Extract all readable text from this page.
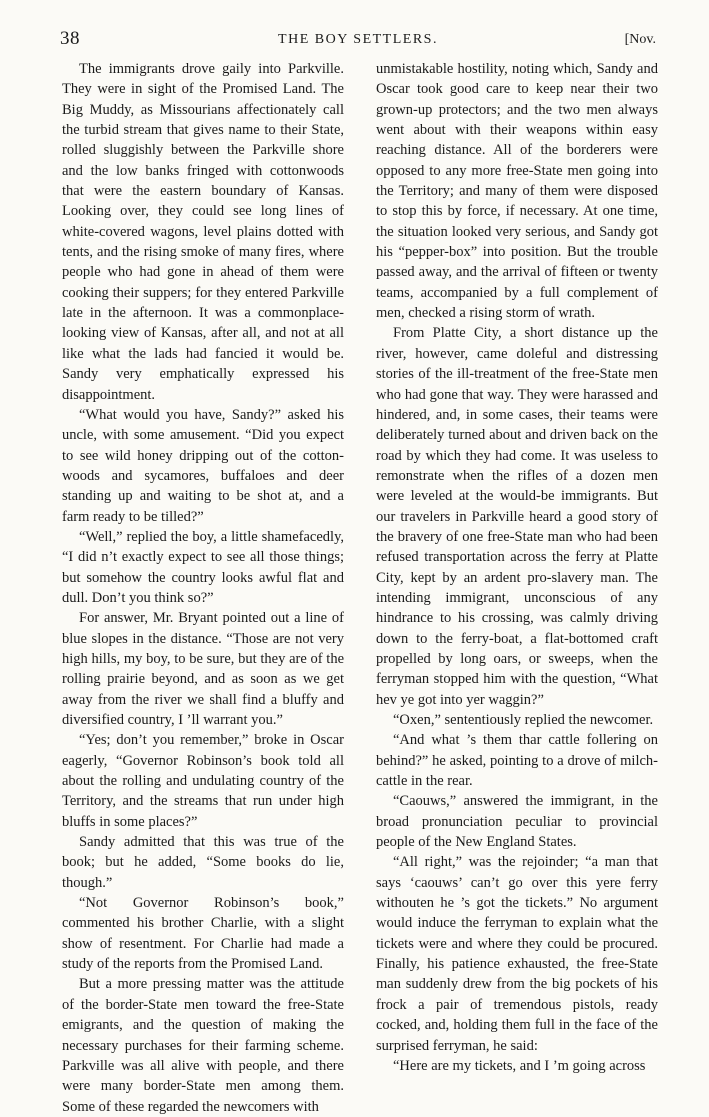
38	THE BOY SETTLERS.	[Nov.

The immigrants drove gaily into Parkville. They were in sight of the Promised Land. The Big Muddy, as Missourians affectionately call the turbid stream that gives name to their State, rolled sluggishly between the Parkville shore and the low banks fringed with cottonwoods that were the eastern boundary of Kansas. Looking over, they could see long lines of white-covered wagons, level plains dotted with tents, and the rising smoke of many fires, where people who had gone in ahead of them were cooking their suppers; for they entered Parkville late in the afternoon. It was a commonplace-looking view of Kansas, after all, and not at all like what the lads had fancied it would be. Sandy very emphatically expressed his disappointment.

“What would you have, Sandy?” asked his uncle, with some amusement. “Did you expect to see wild honey dripping out of the cotton-woods and sycamores, buffaloes and deer standing up and waiting to be shot at, and a farm ready to be tilled?”

“Well,” replied the boy, a little shamefacedly, “I did n’t exactly expect to see all those things; but somehow the country looks awful flat and dull. Don’t you think so?”

For answer, Mr. Bryant pointed out a line of blue slopes in the distance. “Those are not very high hills, my boy, to be sure, but they are of the rolling prairie beyond, and as soon as we get away from the river we shall find a bluffy and diversified country, I ’ll warrant you.”

“Yes; don’t you remember,” broke in Oscar eagerly, “Governor Robinson’s book told all about the rolling and undulating country of the Territory, and the streams that run under high bluffs in some places?”

Sandy admitted that this was true of the book; but he added, “Some books do lie, though.”

“Not Governor Robinson’s book,” commented his brother Charlie, with a slight show of resentment. For Charlie had made a study of the reports from the Promised Land.

But a more pressing matter was the attitude of the border-State men toward the free-State emigrants, and the question of making the necessary purchases for their farming scheme. Parkville was all alive with people, and there were many border-State men among them. Some of these regarded the newcomers with

unmistakable hostility, noting which, Sandy and Oscar took good care to keep near their two grown-up protectors; and the two men always went about with their weapons within easy reaching distance. All of the borderers were opposed to any more free-State men going into the Territory; and many of them were disposed to stop this by force, if necessary. At one time, the situation looked very serious, and Sandy got his “pepper-box” into position. But the trouble passed away, and the arrival of fifteen or twenty teams, accompanied by a full complement of men, checked a rising storm of wrath.

From Platte City, a short distance up the river, however, came doleful and distressing stories of the ill-treatment of the free-State men who had gone that way. They were harassed and hindered, and, in some cases, their teams were deliberately turned about and driven back on the road by which they had come. It was useless to remonstrate when the rifles of a dozen men were leveled at the would-be immigrants. But our travelers in Parkville heard a good story of the bravery of one free-State man who had been refused transportation across the ferry at Platte City, kept by an ardent pro-slavery man. The intending immigrant, unconscious of any hindrance to his crossing, was calmly driving down to the ferry-boat, a flat-bottomed craft propelled by long oars, or sweeps, when the ferryman stopped him with the question, “What hev ye got into yer waggin?”

“Oxen,” sententiously replied the newcomer.

“And what ’s them thar cattle follering on behind?” he asked, pointing to a drove of milch-cattle in the rear.

“Caouws,” answered the immigrant, in the broad pronunciation peculiar to provincial people of the New England States.

“All right,” was the rejoinder; “a man that says ‘caouws’ can’t go over this yere ferry withouten he ’s got the tickets.” No argument would induce the ferryman to explain what the tickets were and where they could be procured. Finally, his patience exhausted, the free-State man suddenly drew from the big pockets of his frock a pair of tremendous pistols, ready cocked, and, holding them full in the face of the surprised ferryman, he said:

“Here are my tickets, and I ’m going across
